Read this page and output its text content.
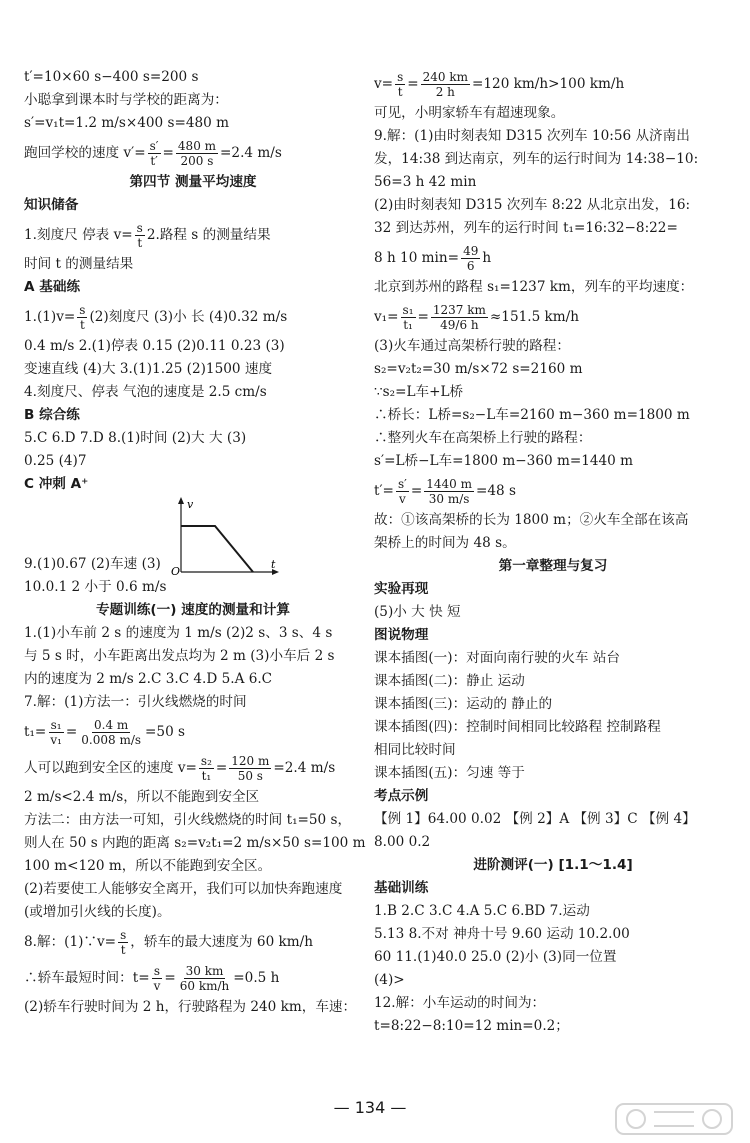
t′=10×60 s−400 s=200 s

小聪拿到课本时与学校的距离为：

s′=v₁t=1.2 m/s×400 s=480 m

跑回学校的速度 $v'= \frac{s'}{t'} = \frac{480 m}{200 s} =2.4$ m/s

第四节 测量平均速度

知识储备

1.刻度尺 停表 $v= \frac{s}{t} 2$.路程 s 的测量结果

时间 t 的测量结果

A 基础练

$1.(1)v= \frac{s}{t} (2)$刻度尺 (3)小 长 (4)0.32 m/s

0.4 m/s 2.(1)停表 0.15 (2)0.11 0.23 (3)

变速直线 (4)大 3.(1)1.25 (2)1500 速度

4.刻度尺、停表 气泡的速度是 2.5 cm/s

B 综合练

5.C 6.D 7.D 8.(1)时间 (2)大 大 (3)

0.25 (4)7

C 冲刺 A⁺

9.(1)0.67 (2)车速 (3)
v
t
O

10.0.1 2 小于 0.6 m/s

专题训练(一) 速度的测量和计算

1.(1)小车前 2 s 的速度为 1 m/s (2)2 s、3 s、4 s

与 5 s 时，小车距离出发点均为 2 m (3)小车后 2 s

内的速度为 2 m/s 2.C 3.C 4.D 5.A 6.C

7.解：(1)方法一：引火线燃烧的时间

$t_1= \frac{\text{s₁}}{\text{v₁}} = \frac{0.4 m}{0.008 m/s} =50$ s
人可以跑到安全区的速度 $v= \frac{\text{s₂}}{\text{t₁}} = \frac{120 m}{50 s} =2.4$ m/s

2 m/s<2.4 m/s，所以不能跑到安全区

方法二：由方法一可知，引火线燃烧的时间 t₁=50 s，

则人在 50 s 内跑的距离 s₂=v₂t₁=2 m/s×50 s=100 m

100 m<120 m，所以不能跑到安全区。

(2)若要使工人能够安全离开，我们可以加快奔跑速度

(或增加引火线的长度)。

8.解：(1)∵v= $\frac{s}{t}$ ，轿车的最大速度为 60 km/h
∴轿车最短时间：$t= \frac{s}{v} = \frac{30 km}{60 km/h} =0.5$ h

(2)轿车行驶时间为 2 h，行驶路程为 240 km，车速：

$v= \frac{s}{t} = \frac{240 km}{2 h} =120$ km/h>100 km/h

可见，小明家轿车有超速现象。

9.解：(1)由时刻表知 D315 次列车 10:56 从济南出

发，14:38 到达南京，列车的运行时间为 14:38−10:

56=3 h 42 min

(2)由时刻表知 D315 次列车 8:22 从北京出发，16:

32 到达苏州，列车的运行时间 t₁=16:32−8:22=

8 h 10 $\min= \frac{49}{6}$ h

北京到苏州的路程 s₁=1237 km，列车的平均速度：

$v_1= \frac{\text{s₁}}{\text{t₁}} = \frac{1237 km}{49/6 h} \approx 151.5$ km/h

(3)火车通过高架桥行驶的路程：

s₂=v₂t₂=30 m/s×72 s=2160 m

∵s₂=L车+L桥

∴桥长：L桥=s₂−L车=2160 m−360 m=1800 m

∴整列火车在高架桥上行驶的路程：

s′=L桥−L车=1800 m−360 m=1440 m

$t'= \frac{s'}{v} = \frac{1440 m}{30 m/s} =48$ s

故：①该高架桥的长为 1800 m；②火车全部在该高

架桥上的时间为 48 s。

第一章整理与复习

实验再现

(5)小 大 快 短

图说物理

课本插图(一)：对面向南行驶的火车 站台

课本插图(二)：静止 运动

课本插图(三)：运动的 静止的

课本插图(四)：控制时间相同比较路程 控制路程

相同比较时间

课本插图(五)：匀速 等于

考点示例

【例 1】64.00 0.02 【例 2】A 【例 3】C 【例 4】

8.00 0.2

进阶测评(一) [1.1～1.4]

基础训练

1.B 2.C 3.C 4.A 5.C 6.BD 7.运动

5.13 8.不对 神舟十号 9.60 运动 10.2.00

60 11.(1)40.0 25.0 (2)小 (3)同一位置

(4)>

12.解：小车运动的时间为：

t=8:22−8:10=12 min=0.2；

— 134 —
